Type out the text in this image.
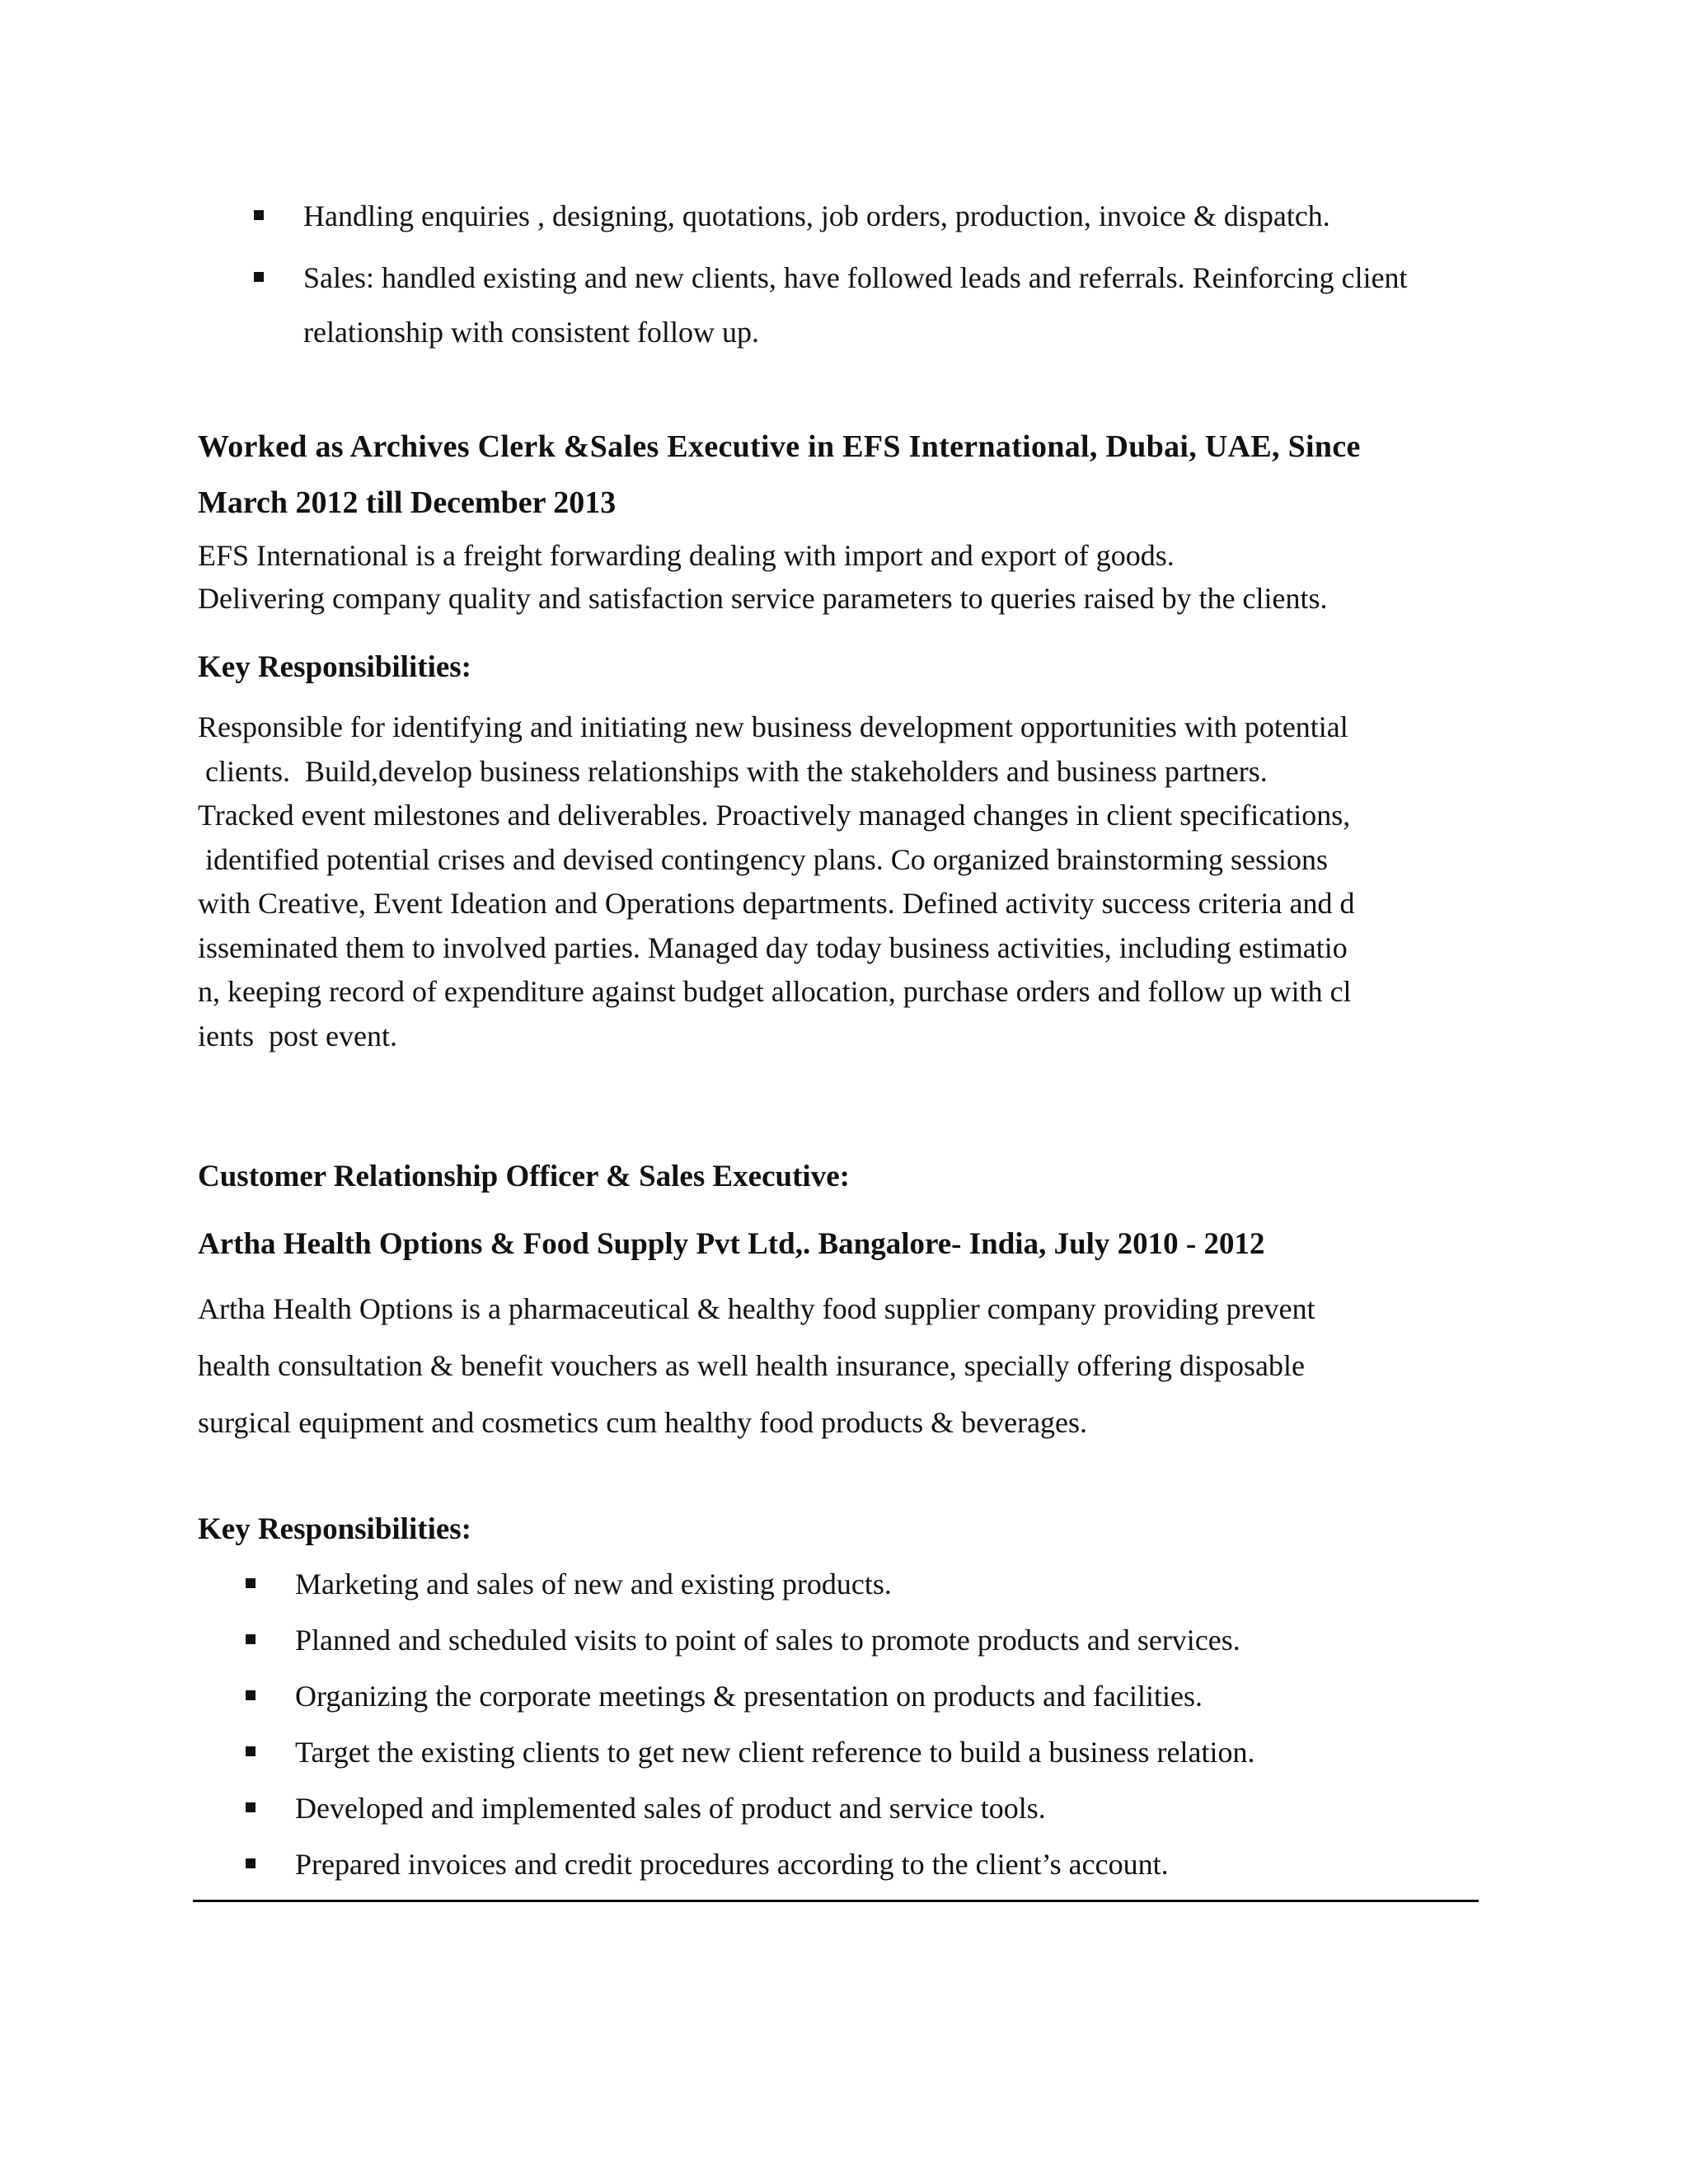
Handling enquiries , designing, quotations, job orders, production, invoice & dispatch.
Sales: handled existing and new clients, have followed leads and referrals. Reinforcing client relationship with consistent follow up.

Worked as Archives Clerk &Sales Executive in EFS International, Dubai, UAE, Since

March 2012 till December 2013

EFS International is a freight forwarding dealing with import and export of goods.

Delivering company quality and satisfaction service parameters to queries raised by the clients.

Key Responsibilities:

Responsible for identifying and initiating new business development opportunities with potential

clients.  Build,develop business relationships with the stakeholders and business partners.

Tracked event milestones and deliverables. Proactively managed changes in client specifications,

identified potential crises and devised contingency plans. Co organized brainstorming sessions

with Creative, Event Ideation and Operations departments. Defined activity success criteria and d

isseminated them to involved parties. Managed day today business activities, including estimatio

n, keeping record of expenditure against budget allocation, purchase orders and follow up with cl

ients  post event.

Customer Relationship Officer & Sales Executive:

Artha Health Options & Food Supply Pvt Ltd,. Bangalore- India, July 2010 - 2012

Artha Health Options is a pharmaceutical & healthy food supplier company providing prevent

health consultation & benefit vouchers as well health insurance, specially offering disposable

surgical equipment and cosmetics cum healthy food products & beverages.

Key Responsibilities:

Marketing and sales of new and existing products.
Planned and scheduled visits to point of sales to promote products and services.
Organizing the corporate meetings & presentation on products and facilities.
Target the existing clients to get new client reference to build a business relation.
Developed and implemented sales of product and service tools.
Prepared invoices and credit procedures according to the client’s account.
